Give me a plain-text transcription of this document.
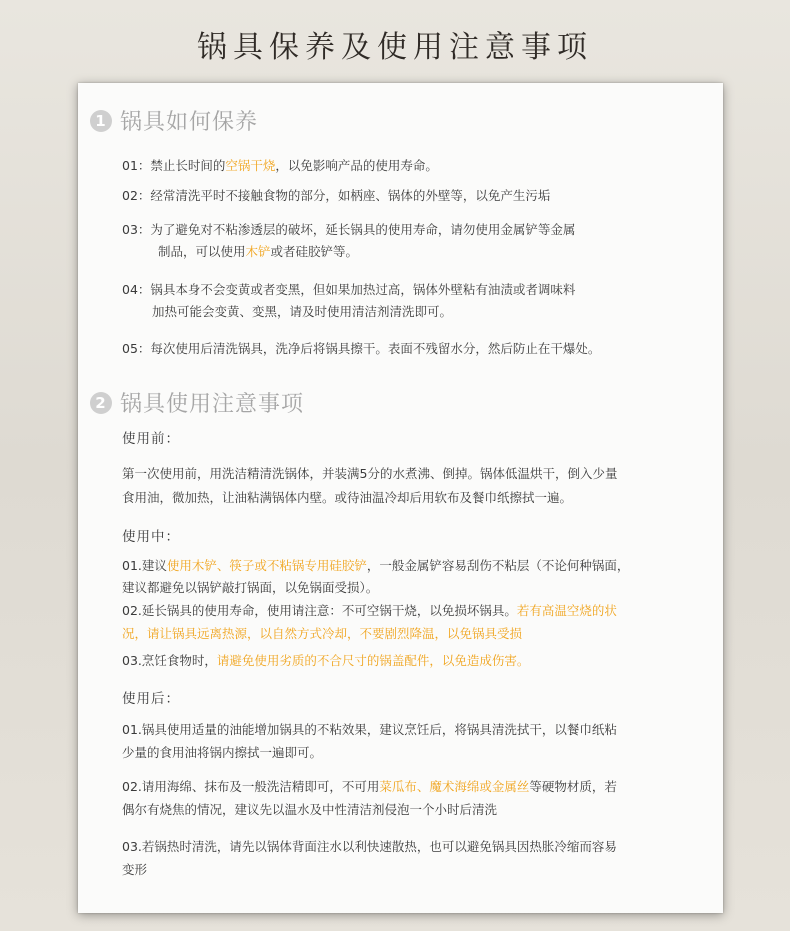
锅具保养及使用注意事项
1 锅具如何保养
01：禁止长时间的空锅干烧，以免影响产品的使用寿命。
02：经常清洗平时不接触食物的部分，如柄座、锅体的外壁等，以免产生污垢
03：为了避免对不粘渗透层的破坏，延长锅具的使用寿命，请勿使用金属铲等金属
制品，可以使用木铲或者硅胶铲等。
04：锅具本身不会变黄或者变黑，但如果加热过高，锅体外壁粘有油渍或者调味料
加热可能会变黄、变黑，请及时使用清洁剂清洗即可。
05：每次使用后清洗锅具，洗净后将锅具擦干。表面不残留水分，然后防止在干爆处。
2 锅具使用注意事项
使用前：
第一次使用前，用洗洁精清洗锅体，并装满5分的水煮沸、倒掉。锅体低温烘干，倒入少量
食用油，微加热，让油粘满锅体内壁。或待油温冷却后用软布及餐巾纸擦拭一遍。
使用中：
01.建议使用木铲、筷子或不粘锅专用硅胶铲，一般金属铲容易刮伤不粘层（不论何种锅面，
建议都避免以锅铲敲打锅面，以免锅面受损）。
02.延长锅具的使用寿命，使用请注意：不可空锅干烧，以免损坏锅具。若有高温空烧的状
况，请让锅具远离热源，以自然方式冷却，不要剧烈降温，以免锅具受损
03.烹饪食物时，请避免使用劣质的不合尺寸的锅盖配件，以免造成伤害。
使用后：
01.锅具使用适量的油能增加锅具的不粘效果，建议烹饪后，将锅具清洗拭干，以餐巾纸粘
少量的食用油将锅内擦拭一遍即可。
02.请用海绵、抹布及一般洗洁精即可，不可用菜瓜布、魔术海绵或金属丝等硬物材质，若
偶尔有烧焦的情况，建议先以温水及中性清洁剂侵泡一个小时后清洗
03.若锅热时清洗，请先以锅体背面注水以利快速散热，也可以避免锅具因热胀冷缩而容易
变形
